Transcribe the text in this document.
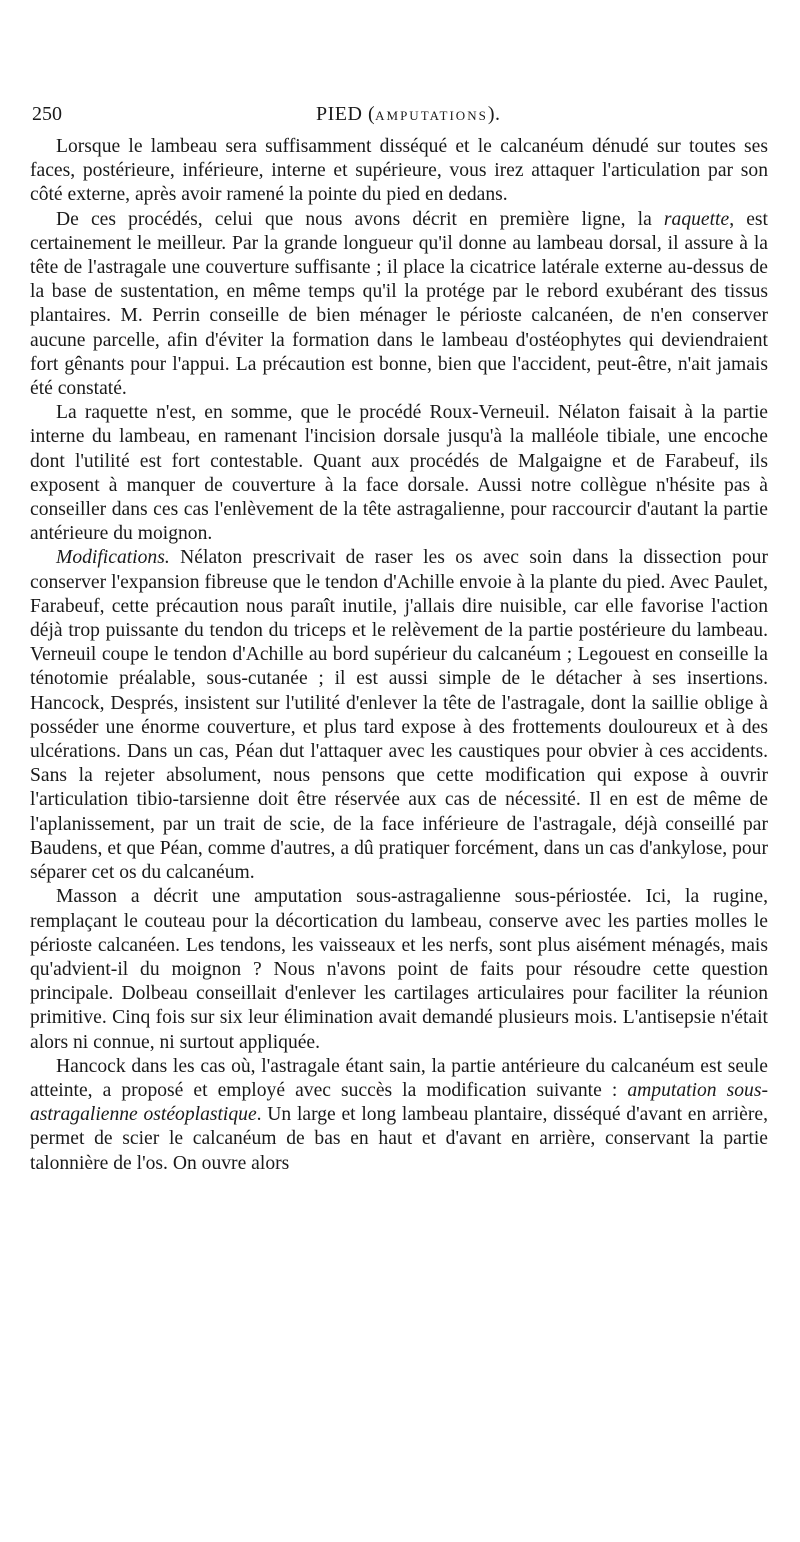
250	PIED (AMPUTATIONS).

Lorsque le lambeau sera suffisamment disséqué et le calcanéum dénudé sur toutes ses faces, postérieure, inférieure, interne et supérieure, vous irez attaquer l'articulation par son côté externe, après avoir ramené la pointe du pied en dedans.

De ces procédés, celui que nous avons décrit en première ligne, la raquette, est certainement le meilleur. Par la grande longueur qu'il donne au lambeau dorsal, il assure à la tête de l'astragale une couverture suffisante ; il place la cicatrice latérale externe au-dessus de la base de sustentation, en même temps qu'il la protége par le rebord exubérant des tissus plantaires. M. Perrin conseille de bien ménager le périoste calcanéen, de n'en conserver aucune parcelle, afin d'éviter la formation dans le lambeau d'ostéophytes qui deviendraient fort gênants pour l'appui. La précaution est bonne, bien que l'accident, peut-être, n'ait jamais été constaté.

La raquette n'est, en somme, que le procédé Roux-Verneuil. Nélaton faisait à la partie interne du lambeau, en ramenant l'incision dorsale jusqu'à la malléole tibiale, une encoche dont l'utilité est fort contestable. Quant aux procédés de Malgaigne et de Farabeuf, ils exposent à manquer de couverture à la face dorsale. Aussi notre collègue n'hésite pas à conseiller dans ces cas l'enlèvement de la tête astragalienne, pour raccourcir d'autant la partie antérieure du moignon.

Modifications. Nélaton prescrivait de raser les os avec soin dans la dissection pour conserver l'expansion fibreuse que le tendon d'Achille envoie à la plante du pied. Avec Paulet, Farabeuf, cette précaution nous paraît inutile, j'allais dire nuisible, car elle favorise l'action déjà trop puissante du tendon du triceps et le relèvement de la partie postérieure du lambeau. Verneuil coupe le tendon d'Achille au bord supérieur du calcanéum ; Legouest en conseille la ténotomie préalable, sous-cutanée ; il est aussi simple de le détacher à ses insertions. Hancock, Després, insistent sur l'utilité d'enlever la tête de l'astragale, dont la saillie oblige à posséder une énorme couverture, et plus tard expose à des frottements douloureux et à des ulcérations. Dans un cas, Péan dut l'attaquer avec les caustiques pour obvier à ces accidents. Sans la rejeter absolument, nous pensons que cette modification qui expose à ouvrir l'articulation tibio-tarsienne doit être réservée aux cas de nécessité. Il en est de même de l'aplanissement, par un trait de scie, de la face inférieure de l'astragale, déjà conseillé par Baudens, et que Péan, comme d'autres, a dû pratiquer forcément, dans un cas d'ankylose, pour séparer cet os du calcanéum.

Masson a décrit une amputation sous-astragalienne sous-périostée. Ici, la rugine, remplaçant le couteau pour la décortication du lambeau, conserve avec les parties molles le périoste calcanéen. Les tendons, les vaisseaux et les nerfs, sont plus aisément ménagés, mais qu'advient-il du moignon ? Nous n'avons point de faits pour résoudre cette question principale. Dolbeau conseillait d'enlever les cartilages articulaires pour faciliter la réunion primitive. Cinq fois sur six leur élimination avait demandé plusieurs mois. L'antisepsie n'était alors ni connue, ni surtout appliquée.

Hancock dans les cas où, l'astragale étant sain, la partie antérieure du calcanéum est seule atteinte, a proposé et employé avec succès la modification suivante : amputation sous-astragalienne ostéoplastique. Un large et long lambeau plantaire, disséqué d'avant en arrière, permet de scier le calcanéum de bas en haut et d'avant en arrière, conservant la partie talonnière de l'os. On ouvre alors
